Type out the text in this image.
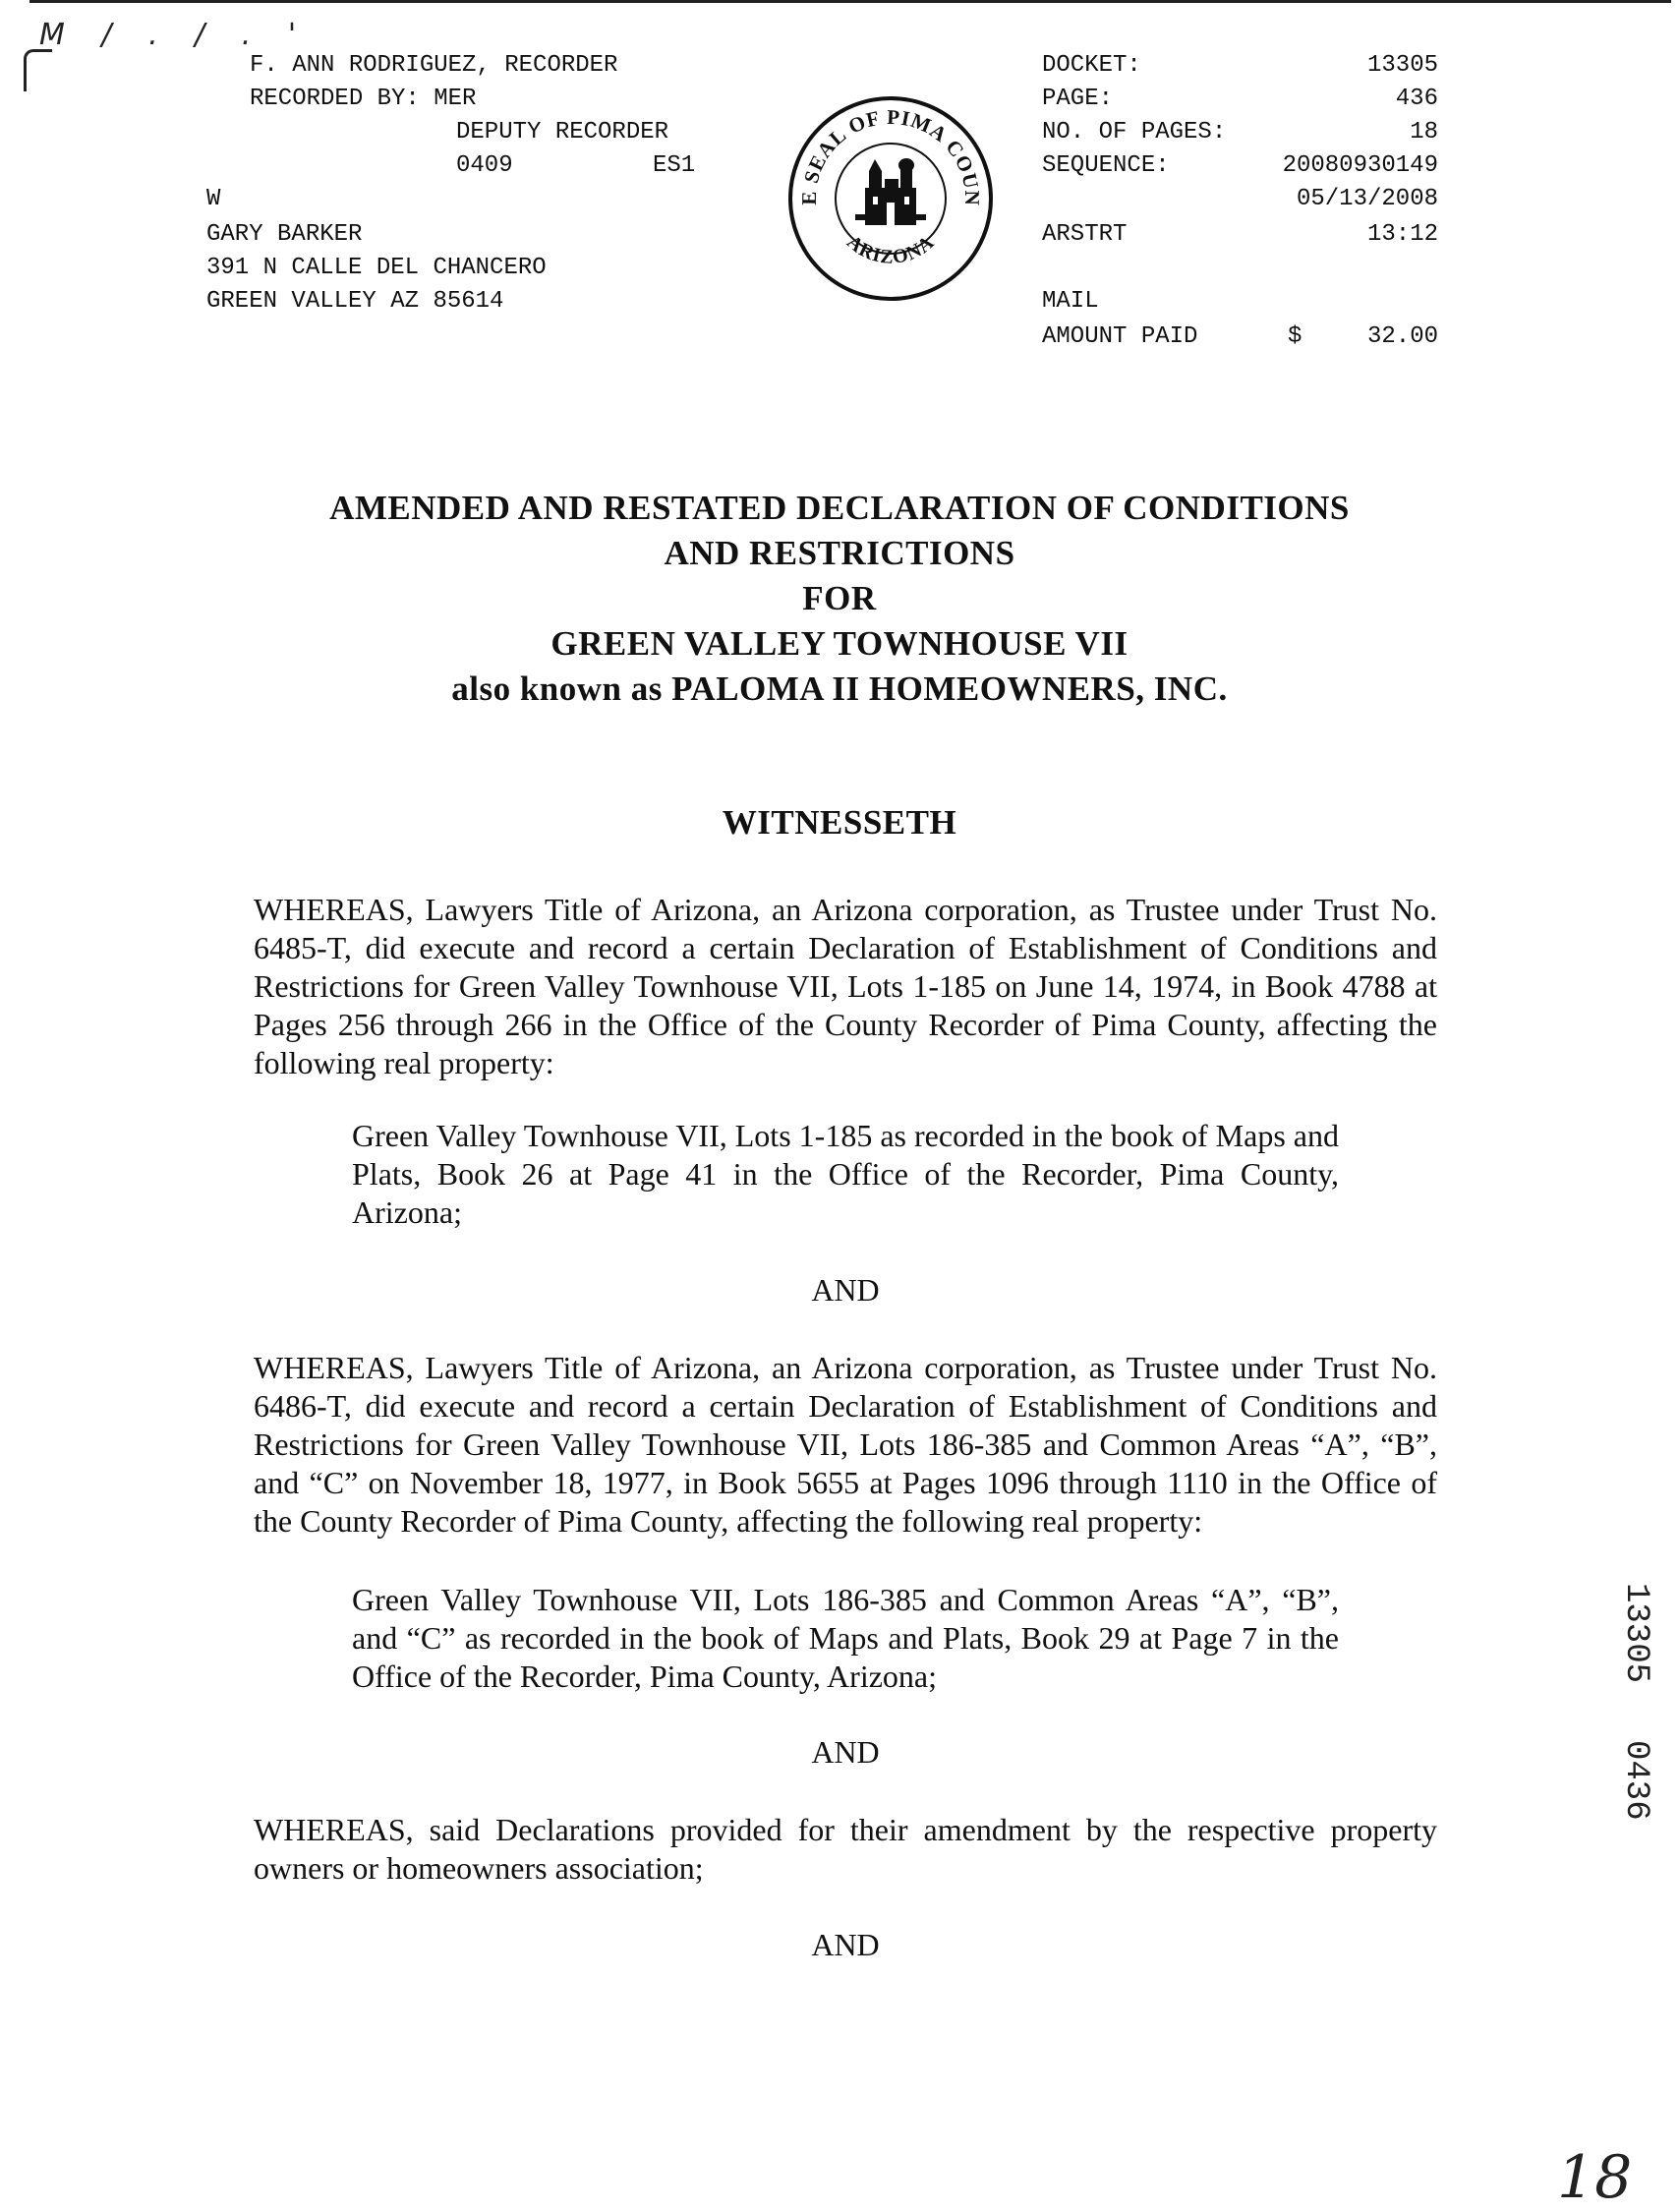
M / . / . '
F. ANN RODRIGUEZ, RECORDER
RECORDED BY: MER
DEPUTY RECORDER
0409	ES1
W
GARY BARKER
391 N CALLE DEL CHANCERO
GREEN VALLEY AZ 85614
E SEAL OF PIMA COUN
ARIZONA
DOCKET:	13305
PAGE:	436
NO. OF PAGES:	18
SEQUENCE:	20080930149
05/13/2008
ARSTRT	13:12
MAIL
AMOUNT PAID	$	32.00
AMENDED AND RESTATED DECLARATION OF CONDITIONS
AND RESTRICTIONS
FOR
GREEN VALLEY TOWNHOUSE VII
also known as PALOMA II HOMEOWNERS, INC.
WITNESSETH
WHEREAS, Lawyers Title of Arizona, an Arizona corporation, as Trustee under Trust No. 6485-T, did execute and record a certain Declaration of Establishment of Conditions and Restrictions for Green Valley Townhouse VII, Lots 1-185 on June 14, 1974, in Book 4788 at Pages 256 through 266 in the Office of the County Recorder of Pima County, affecting the following real property:
Green Valley Townhouse VII, Lots 1-185 as recorded in the book of Maps and Plats, Book 26 at Page 41 in the Office of the Recorder, Pima County, Arizona;
AND
WHEREAS, Lawyers Title of Arizona, an Arizona corporation, as Trustee under Trust No. 6486-T, did execute and record a certain Declaration of Establishment of Conditions and Restrictions for Green Valley Townhouse VII, Lots 186-385 and Common Areas “A”, “B”, and “C” on November 18, 1977, in Book 5655 at Pages 1096 through 1110 in the Office of the County Recorder of Pima County, affecting the following real property:
Green Valley Townhouse VII, Lots 186-385 and Common Areas “A”, “B”, and “C” as recorded in the book of Maps and Plats, Book 29 at Page 7 in the Office of the Recorder, Pima County, Arizona;
AND
WHEREAS, said Declarations provided for their amendment by the respective property owners or homeowners association;
AND
13305
0436
18
